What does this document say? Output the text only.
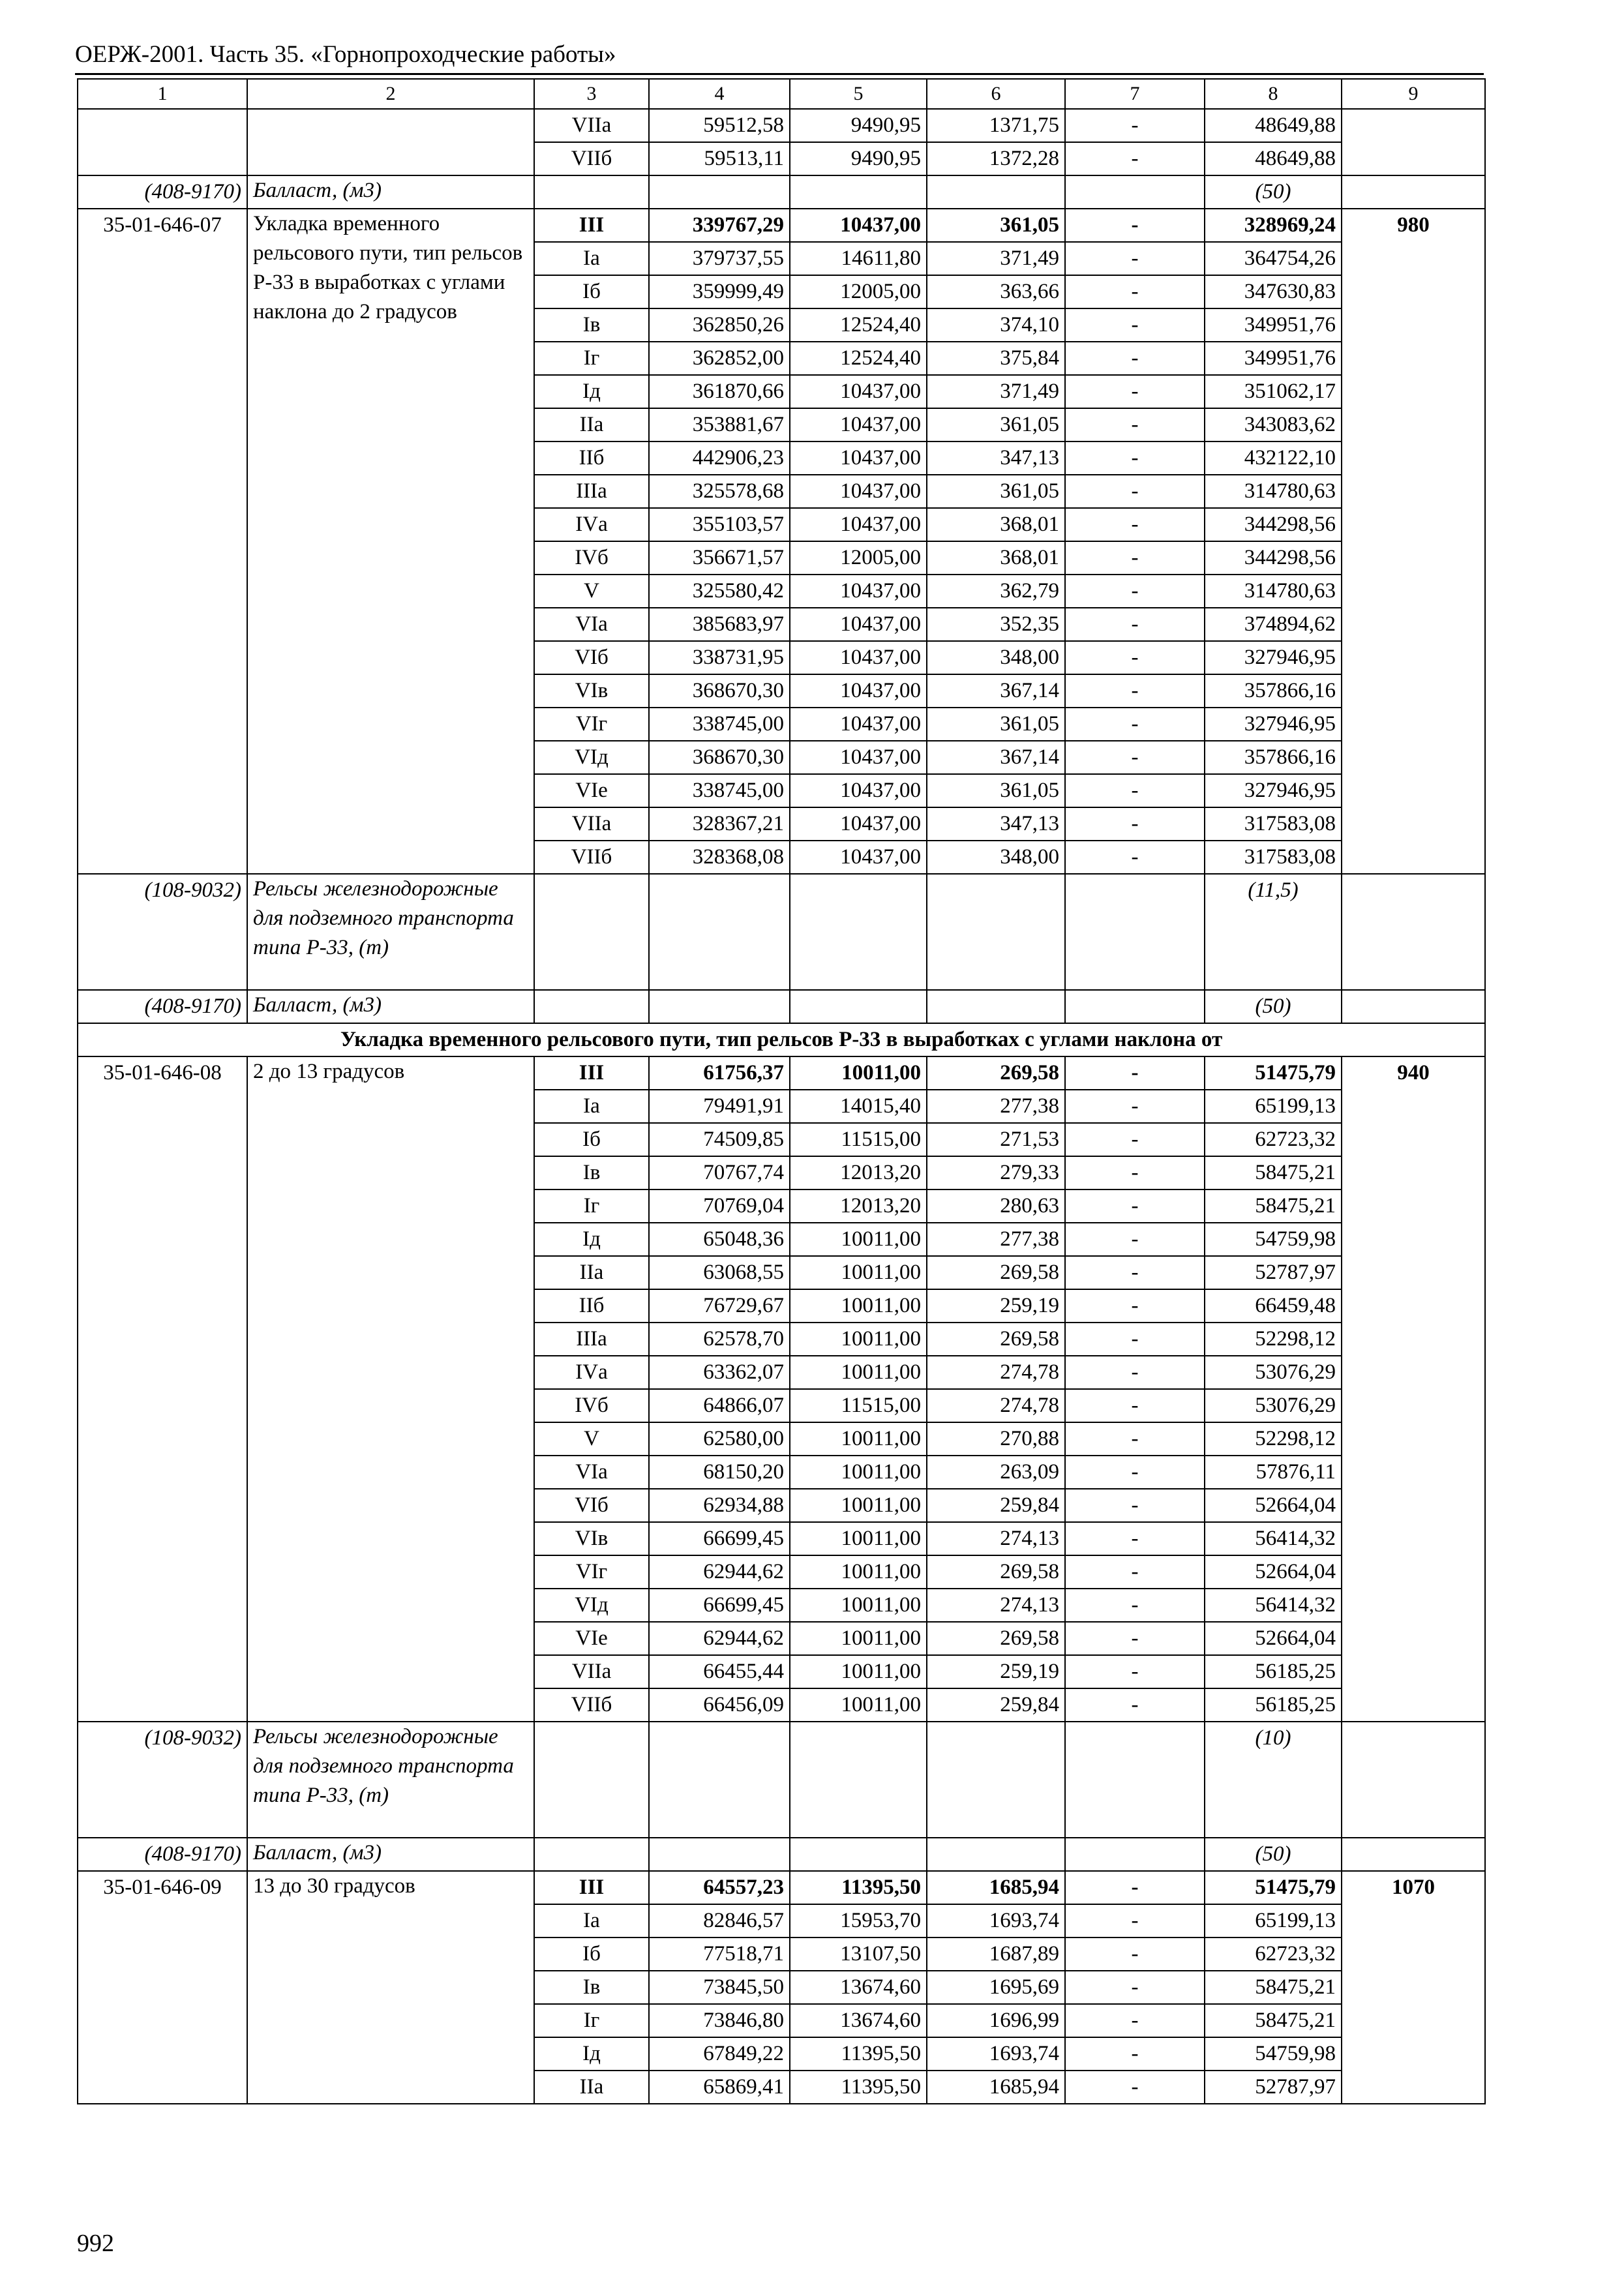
ОЕРЖ-2001. Часть 35. «Горнопроходческие работы»
1	2	3	4	5	6	7	8	9
		VIIа	59512,58	9490,95	1371,75	-	48649,88	
		VIIб	59513,11	9490,95	1372,28	-	48649,88	
(408-9170)	Балласт, (м3)						(50)	
35-01-646-07	Укладка временного рельсового пути, тип рельсов Р-33 в выработках с углами наклона до 2 градусов	III	339767,29	10437,00	361,05	-	328969,24	980
		Iа	379737,55	14611,80	371,49	-	364754,26	
		Iб	359999,49	12005,00	363,66	-	347630,83	
		Iв	362850,26	12524,40	374,10	-	349951,76	
		Iг	362852,00	12524,40	375,84	-	349951,76	
		Iд	361870,66	10437,00	371,49	-	351062,17	
		IIа	353881,67	10437,00	361,05	-	343083,62	
		IIб	442906,23	10437,00	347,13	-	432122,10	
		IIIа	325578,68	10437,00	361,05	-	314780,63	
		IVа	355103,57	10437,00	368,01	-	344298,56	
		IVб	356671,57	12005,00	368,01	-	344298,56	
		V	325580,42	10437,00	362,79	-	314780,63	
		VIа	385683,97	10437,00	352,35	-	374894,62	
		VIб	338731,95	10437,00	348,00	-	327946,95	
		VIв	368670,30	10437,00	367,14	-	357866,16	
		VIг	338745,00	10437,00	361,05	-	327946,95	
		VIд	368670,30	10437,00	367,14	-	357866,16	
		VIе	338745,00	10437,00	361,05	-	327946,95	
		VIIа	328367,21	10437,00	347,13	-	317583,08	
		VIIб	328368,08	10437,00	348,00	-	317583,08	
(108-9032)	Рельсы железнодорожные для подземного транспорта типа Р-33, (т)						(11,5)	
(408-9170)	Балласт, (м3)						(50)	
Укладка временного рельсового пути, тип рельсов Р-33 в выработках с углами наклона от								
35-01-646-08	2 до 13 градусов	III	61756,37	10011,00	269,58	-	51475,79	940
		Iа	79491,91	14015,40	277,38	-	65199,13	
		Iб	74509,85	11515,00	271,53	-	62723,32	
		Iв	70767,74	12013,20	279,33	-	58475,21	
		Iг	70769,04	12013,20	280,63	-	58475,21	
		Iд	65048,36	10011,00	277,38	-	54759,98	
		IIа	63068,55	10011,00	269,58	-	52787,97	
		IIб	76729,67	10011,00	259,19	-	66459,48	
		IIIа	62578,70	10011,00	269,58	-	52298,12	
		IVа	63362,07	10011,00	274,78	-	53076,29	
		IVб	64866,07	11515,00	274,78	-	53076,29	
		V	62580,00	10011,00	270,88	-	52298,12	
		VIа	68150,20	10011,00	263,09	-	57876,11	
		VIб	62934,88	10011,00	259,84	-	52664,04	
		VIв	66699,45	10011,00	274,13	-	56414,32	
		VIг	62944,62	10011,00	269,58	-	52664,04	
		VIд	66699,45	10011,00	274,13	-	56414,32	
		VIе	62944,62	10011,00	269,58	-	52664,04	
		VIIа	66455,44	10011,00	259,19	-	56185,25	
		VIIб	66456,09	10011,00	259,84	-	56185,25	
(108-9032)	Рельсы железнодорожные для подземного транспорта типа Р-33, (т)						(10)	
(408-9170)	Балласт, (м3)						(50)	
35-01-646-09	13 до 30 градусов	III	64557,23	11395,50	1685,94	-	51475,79	1070
		Iа	82846,57	15953,70	1693,74	-	65199,13	
		Iб	77518,71	13107,50	1687,89	-	62723,32	
		Iв	73845,50	13674,60	1695,69	-	58475,21	
		Iг	73846,80	13674,60	1696,99	-	58475,21	
		Iд	67849,22	11395,50	1693,74	-	54759,98	
		IIа	65869,41	11395,50	1685,94	-	52787,97	
992
